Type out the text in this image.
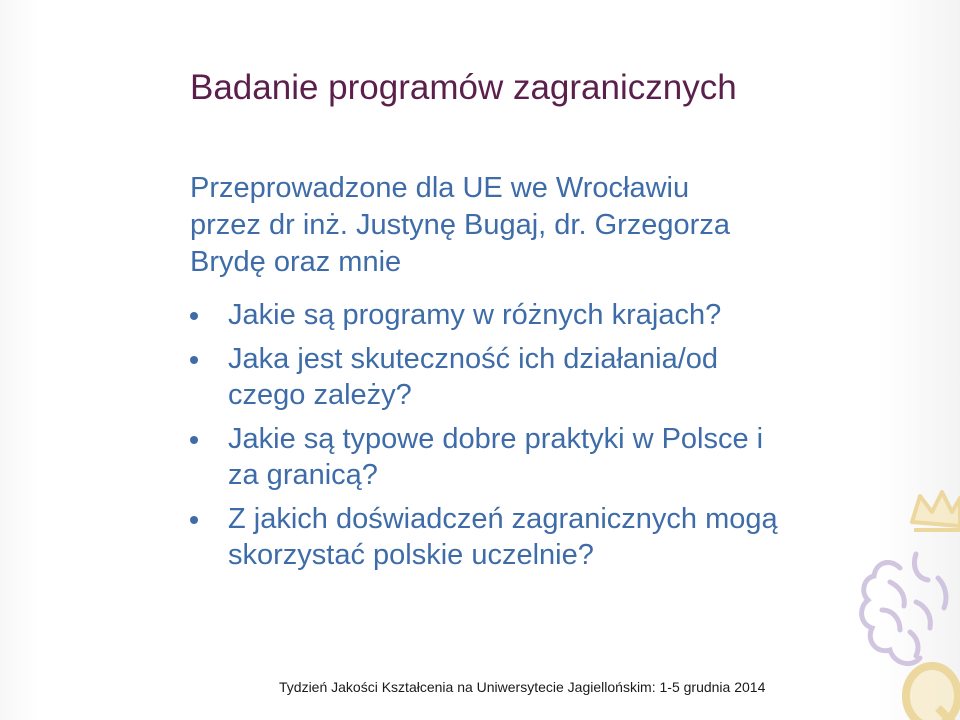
Badanie programów zagranicznych
Przeprowadzone dla UE we Wrocławiu
przez dr inż. Justynę Bugaj, dr. Grzegorza
Brydę oraz mnie
Jakie są programy w różnych krajach?
Jaka jest skuteczność ich działania/od
czego zależy?
Jakie są typowe dobre praktyki w Polsce i
za granicą?
Z jakich doświadczeń zagranicznych mogą
skorzystać polskie uczelnie?
Tydzień Jakości Kształcenia na Uniwersytecie Jagiellońskim: 1-5 grudnia 2014
